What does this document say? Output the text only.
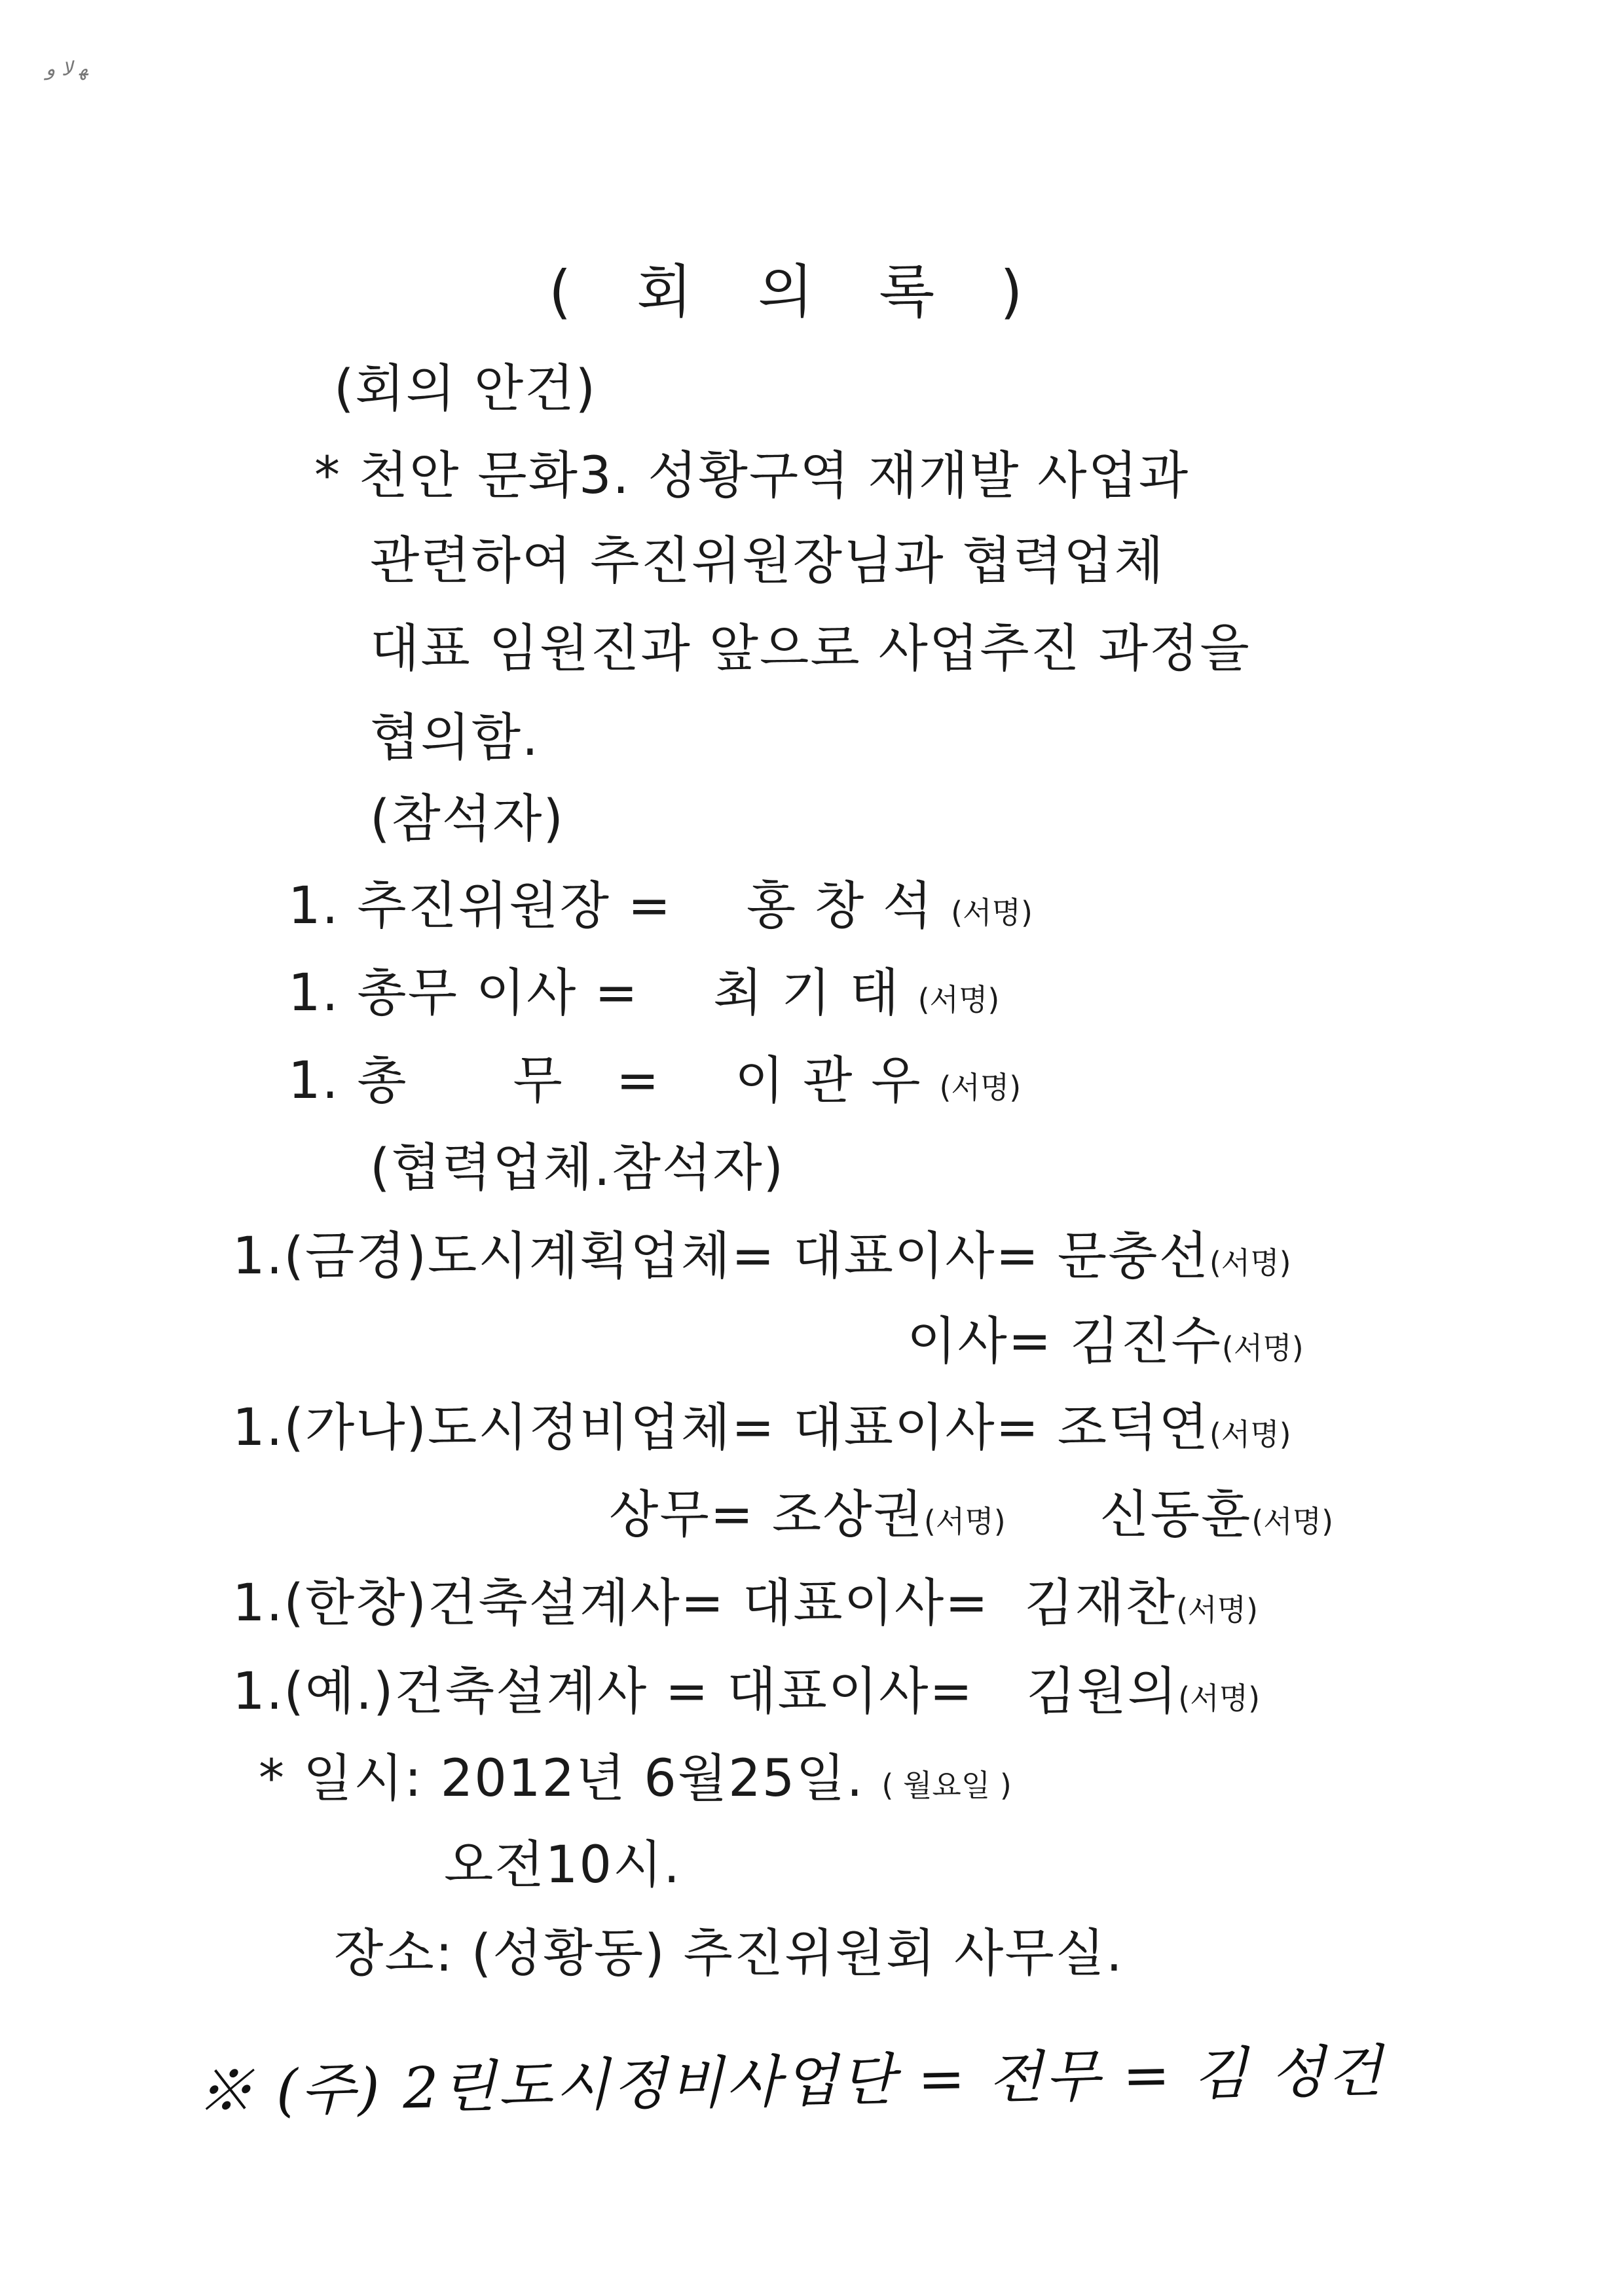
ﻬ ﻻ ﻭ
( 회 의 록 )
(회의 안건)
* 천안 문화3. 성황구역 재개발 사업과
관련하여 추진위원장님과 협력업체
대표 임원진과 앞으로 사업추진 과정을
협의함.
(참석자)
1. 추진위원장 = 홍 창 석 (서명)
1. 총무 이사 = 최 기 태 (서명)
1. 총      무   = 이 관 우 (서명)
(협력업체.참석자)
1.(금경)도시계획업체= 대표이사= 문충선(서명)
이사= 김진수(서명)
1.(가나)도시정비업체= 대표이사= 조덕연(서명)
상무= 조상권(서명) 신동훈(서명)
1.(한창)건축설계사= 대표이사=  김재찬(서명)
1.(예.)건축설계사 = 대표이사=   김원의(서명)
* 일시: 2012년 6월25일. ( 월요일 )
오전10시.
장소: (성황동) 추진위원회 사무실.
※ (주) 2린도시정비사업단 = 전무 = 김 성건
